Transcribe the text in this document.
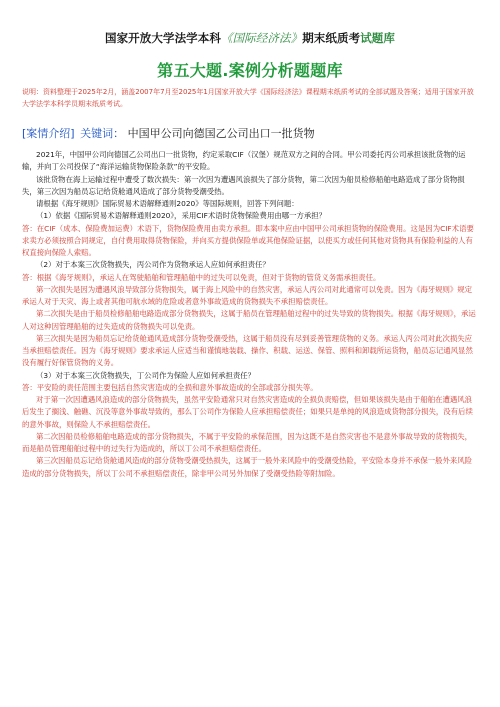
国家开放大学法学本科《国际经济法》期末纸质考试题库
第五大题.案例分析题题库
说明：资料整理于2025年2月，涵盖2007年7月至2025年1月国家开放大学《国际经济法》课程期末纸质考试的全部试题及答案；适用于国家开放大学法学本科学员期末纸质考试。
[案情介绍] 关键词： 中国甲公司向德国乙公司出口一批货物

2021年，中国甲公司向德国乙公司出口一批货物，约定采取CIF（汉堡）规范双方之间的合同。甲公司委托丙公司承担该批货物的运输，并向丁公司投保了“海洋运输货物保险条款”的平安险。

该批货物在海上运输过程中遭受了数次损失：第一次因为遭遇风浪损失了部分货物，第二次因为船员检修船舶电路造成了部分货物损失，第三次因为船员忘记给货舱通风造成了部分货物受潮受热。

请根据《海牙规则》国际贸易术语解释通则2020》等国际规则，回答下列问题：

（1）依据《国际贸易术语解释通则2020》，采用CIF术语时货物保险费用由哪一方承担？

答：在CIF（成本、保险费加运费）术语下，货物保险费用由卖方承担。即本案中应由中国甲公司承担货物的保险费用。这是因为CIF术语要求卖方必须按照合同规定，自付费用取得货物保险，并向买方提供保险单或其他保险证据，以使买方或任何其他对货物具有保险利益的人有权直接向保险人索赔。

（2）对于本案三次货物损失，丙公司作为货物承运人应如何承担责任？

答：根据《海牙规则》，承运人在驾驶船舶和管理船舶中的过失可以免责，但对于货物的管货义务需承担责任。

第一次损失是因为遭遇风浪导致部分货物损失，属于海上风险中的自然灾害，承运人丙公司对此通常可以免责。因为《海牙规则》规定承运人对于天灾、海上或者其他可航水域的危险或者意外事故造成的货物损失不承担赔偿责任。

第二次损失是由于船员检修船舶电路造成部分货物损失，这属于船员在管理船舶过程中的过失导致的货物损失。根据《海牙规则》，承运人对这种因管理船舶的过失造成的货物损失可以免责。

第三次损失是因为船员忘记给货舱通风造成部分货物受潮受热，这属于船员没有尽到妥善管理货物的义务。承运人丙公司对此次损失应当承担赔偿责任。因为《海牙规则》要求承运人应适当和谨慎地装载、操作、积载、运送、保管、照料和卸载所运货物，船员忘记通风显然没有履行好保管货物的义务。

（3）对于本案三次货物损失，丁公司作为保险人应如何承担责任？

答：平安险的责任范围主要包括自然灾害造成的全损和意外事故造成的全部或部分损失等。

对于第一次因遭遇风浪造成的部分货物损失，虽然平安险通常只对自然灾害造成的全损负责赔偿，但如果该损失是由于船舶在遭遇风浪后发生了搁浅、触礁、沉没等意外事故导致的，那么丁公司作为保险人应承担赔偿责任；如果只是单纯的风浪造成货物部分损失，没有后续的意外事故，则保险人不承担赔偿责任。

第二次因船员检修船舶电路造成的部分货物损失，不属于平安险的承保范围，因为这既不是自然灾害也不是意外事故导致的货物损失，而是船员管理船舶过程中的过失行为造成的，所以丁公司不承担赔偿责任。

第三次因船员忘记给货舱通风造成的部分货物受潮受热损失，这属于一般外来风险中的受潮受热险，平安险本身并不承保一般外来风险造成的部分货物损失，所以丁公司不承担赔偿责任，除非甲公司另外加保了受潮受热险等附加险。
